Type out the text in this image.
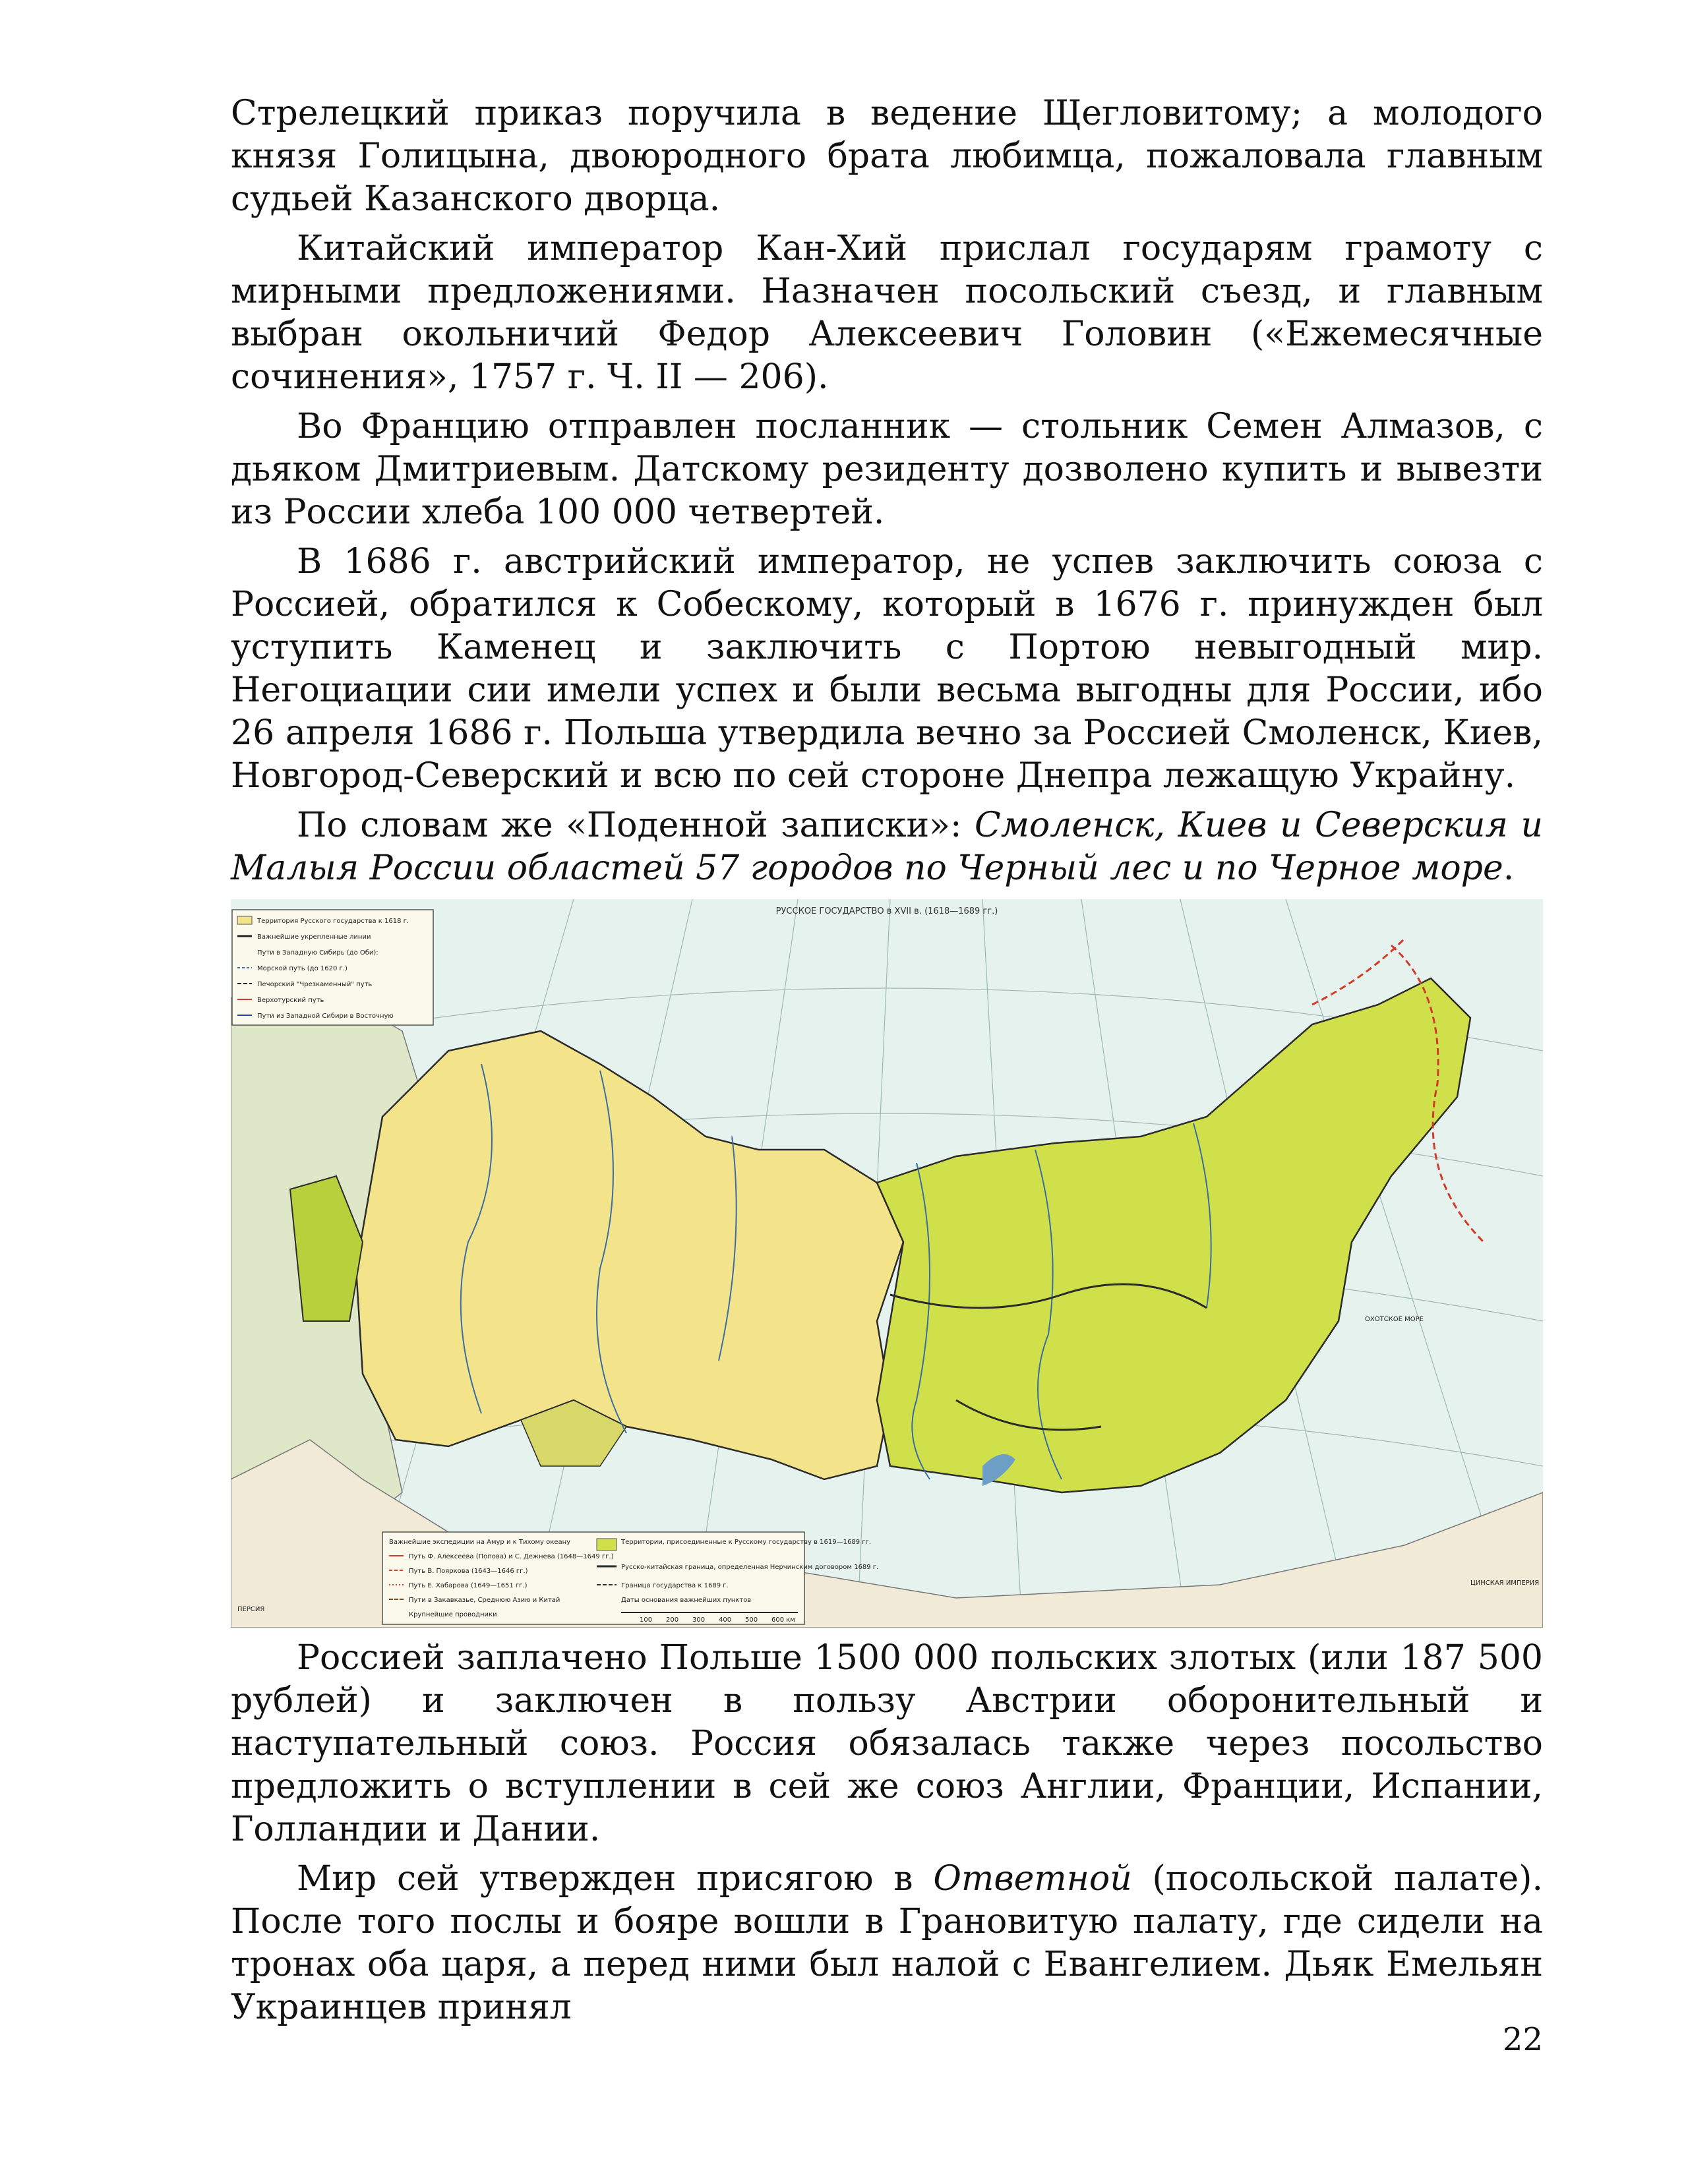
Стрелецкий приказ поручила в ведение Щегловитому; а молодого князя Голицына, двоюродного брата любимца, пожаловала главным судьей Казанского дворца.

Китайский император Кан-Хий прислал государям грамоту с мирными предложениями. Назначен посольский съезд, и главным выбран окольничий Федор Алексеевич Головин («Ежемесячные сочинения», 1757 г. Ч. II — 206).

Во Францию отправлен посланник — стольник Семен Алмазов, с дьяком Дмитриевым. Датскому резиденту дозволено купить и вывезти из России хлеба 100 000 четвертей.

В 1686 г. австрийский император, не успев заключить союза с Россией, обратился к Собескому, который в 1676 г. принужден был уступить Каменец и заключить с Портою невыгодный мир. Негоциации сии имели успех и были весьма выгодны для России, ибо 26 апреля 1686 г. Польша утвердила вечно за Россией Смоленск, Киев, Новгород-Северский и всю по сей стороне Днепра лежащую Украйну.

По словам же «Поденной записки»: Смоленск, Киев и Северския и Малыя России областей 57 городов по Черный лес и по Черное море.

РУССКОЕ ГОСУДАРСТВО в XVII в. (1618—1689 гг.)
Территория Русского государства к 1618 г.
Важнейшие укрепленные линии
Пути в Западную Сибирь (до Оби):
Морской путь (до 1620 г.)
Печорский "Чрезкаменный" путь
Верхотурский путь
Пути из Западной Сибири в Восточную
Важнейшие экспедиции на Амур и к Тихому океану
Путь Ф. Алексеева (Попова) и С. Дежнева (1648—1649 гг.)
Путь В. Пояркова (1643—1646 гг.)
Путь Е. Хабарова (1649—1651 гг.)
Пути в Закавказье, Среднюю Азию и Китай
Крупнейшие проводники
Территории, присоединенные к Русскому государству в 1619—1689 гг.
Русско-китайская граница, определенная Нерчинским договором 1689 г.
Граница государства к 1689 г.
Даты основания важнейших пунктов
100 200 300 400 500 600 км
ОХОТСКОЕ МОРЕ
ПЕРСИЯ
ЦИНСКАЯ ИМПЕРИЯ

Россией заплачено Польше 1500 000 польских злотых (или 187 500 рублей) и заключен в пользу Австрии оборонительный и наступательный союз. Россия обязалась также через посольство предложить о вступлении в сей же союз Англии, Франции, Испании, Голландии и Дании.

Мир сей утвержден присягою в Ответной (посольской палате). После того послы и бояре вошли в Грановитую палату, где сидели на тронах оба царя, а перед ними был налой с Евангелием. Дьяк Емельян Украинцев принял

22
